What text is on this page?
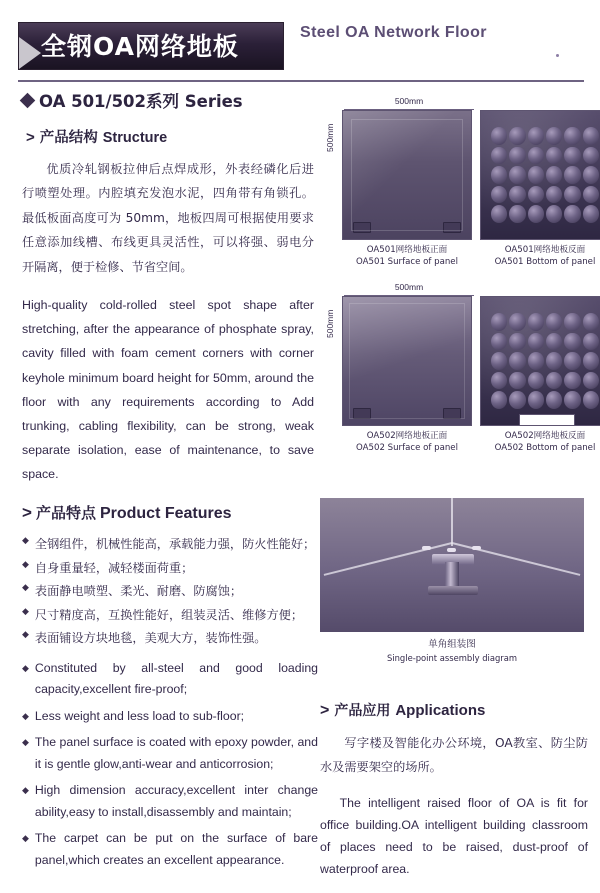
全钢OA网络地板	Steel OA Network Floor
OA 501/502系列 Series
> 产品结构 Structure

优质冷轧钢板拉伸后点焊成形，外表经磷化后进行喷塑处理。内腔填充发泡水泥，四角带有角锁孔。最低板面高度可为 50mm，地板四周可根据使用要求任意添加线槽、布线更具灵活性，可以将强、弱电分开隔离，便于检修、节省空间。

High-quality cold-rolled steel spot shape after stretching, after the appearance of phosphate spray, cavity filled with foam cement corners with corner keyhole minimum board height for 50mm, around the floor with any requirements according to Add trunking, cabling flexibility, can be strong, weak separate isolation, ease of maintenance, to save space.

> 产品特点 Product Features
◆ 全钢组件，机械性能高，承载能力强，防火性能好；
◆ 自身重量轻，减轻楼面荷重；
◆ 表面静电喷塑、柔光、耐磨、防腐蚀；
◆ 尺寸精度高，互换性能好，组装灵活、维修方便；
◆ 表面铺设方块地毯，美观大方，装饰性强。
◆ Constituted by all-steel and good loading capacity,excellent fire-proof;
◆ Less weight and less load to sub-floor;
◆ The panel surface is coated with epoxy powder, and it is gentle glow,anti-wear and anticorrosion;
◆ High dimension accuracy,excellent inter change ability,easy to install,disassembly and maintain;
◆ The carpet can be put on the surface of bare panel,which creates an excellent appearance.
500mm
500mm
OA501网络地板正面
OA501 Surface of panel
OA501网络地板反面
OA501 Bottom of panel
500mm
500mm
OA502网络地板正面
OA502 Surface of panel
OA502网络地板反面
OA502 Bottom of panel
单角组装图
Single-point assembly diagram
> 产品应用 Applications

写字楼及智能化办公环境，OA教室、防尘防水及需要架空的场所。

The intelligent raised floor of OA is fit for office building.OA intelligent building classroom of places need to be raised, dust-proof of waterproof area.
